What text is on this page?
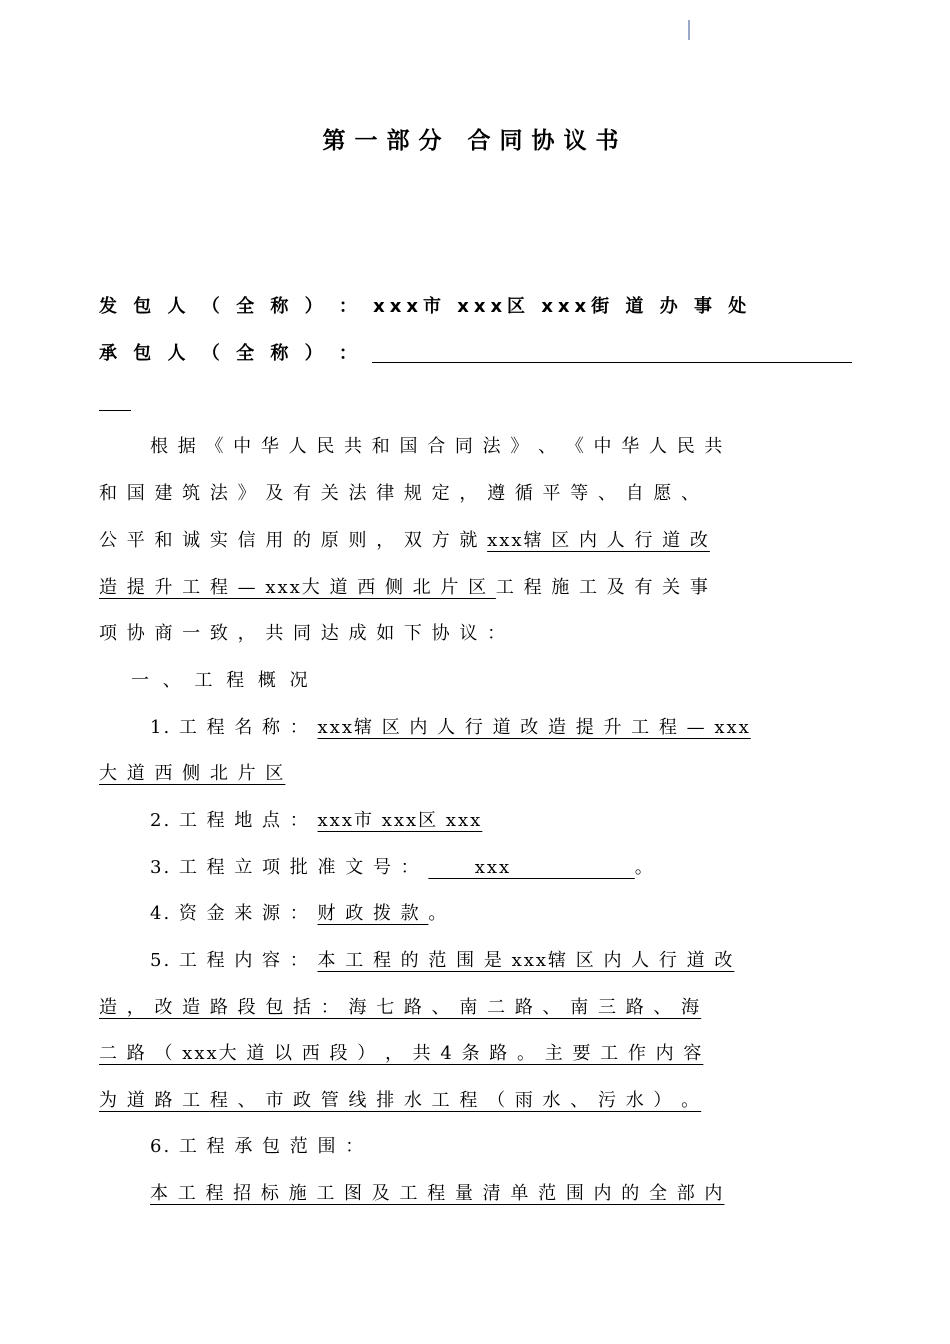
第一部分 合同协议书
发 包 人 （ 全 称 ） ： xxx市 xxx区 xxx街 道 办 事 处
承 包 人 （ 全 称 ） ：
根 据 《 中 华 人 民 共 和 国 合 同 法 》 、 《 中 华 人 民 共
和 国 建 筑 法 》 及 有 关 法 律 规 定 ， 遵 循 平 等 、 自 愿 、
公 平 和 诚 实 信 用 的 原 则 ， 双 方 就 xxx辖 区 内 人 行 道 改
造 提 升 工 程 — xxx大 道 西 侧 北 片 区 工 程 施 工 及 有 关 事
项 协 商 一 致 ， 共 同 达 成 如 下 协 议 ：
一 、 工 程 概 况
1. 工 程 名 称 ： xxx辖 区 内 人 行 道 改 造 提 升 工 程 — xxx
大 道 西 侧 北 片 区
2. 工 程 地 点 ： xxx市 xxx区 xxx
3. 工 程 立 项 批 准 文 号 ：       xxx                。
4. 资 金 来 源 ： 财 政 拨 款 。
5. 工 程 内 容 ： 本 工 程 的 范 围 是 xxx辖 区 内 人 行 道 改
造 ， 改 造 路 段 包 括 ： 海 七 路 、 南 二 路 、 南 三 路 、 海
二 路 （ xxx大 道 以 西 段 ） ， 共 4 条 路 。 主 要 工 作 内 容
为 道 路 工 程 、 市 政 管 线 排 水 工 程 （ 雨 水 、 污 水 ） 。
6. 工 程 承 包 范 围 ：
本 工 程 招 标 施 工 图 及 工 程 量 清 单 范 围 内 的 全 部 内
